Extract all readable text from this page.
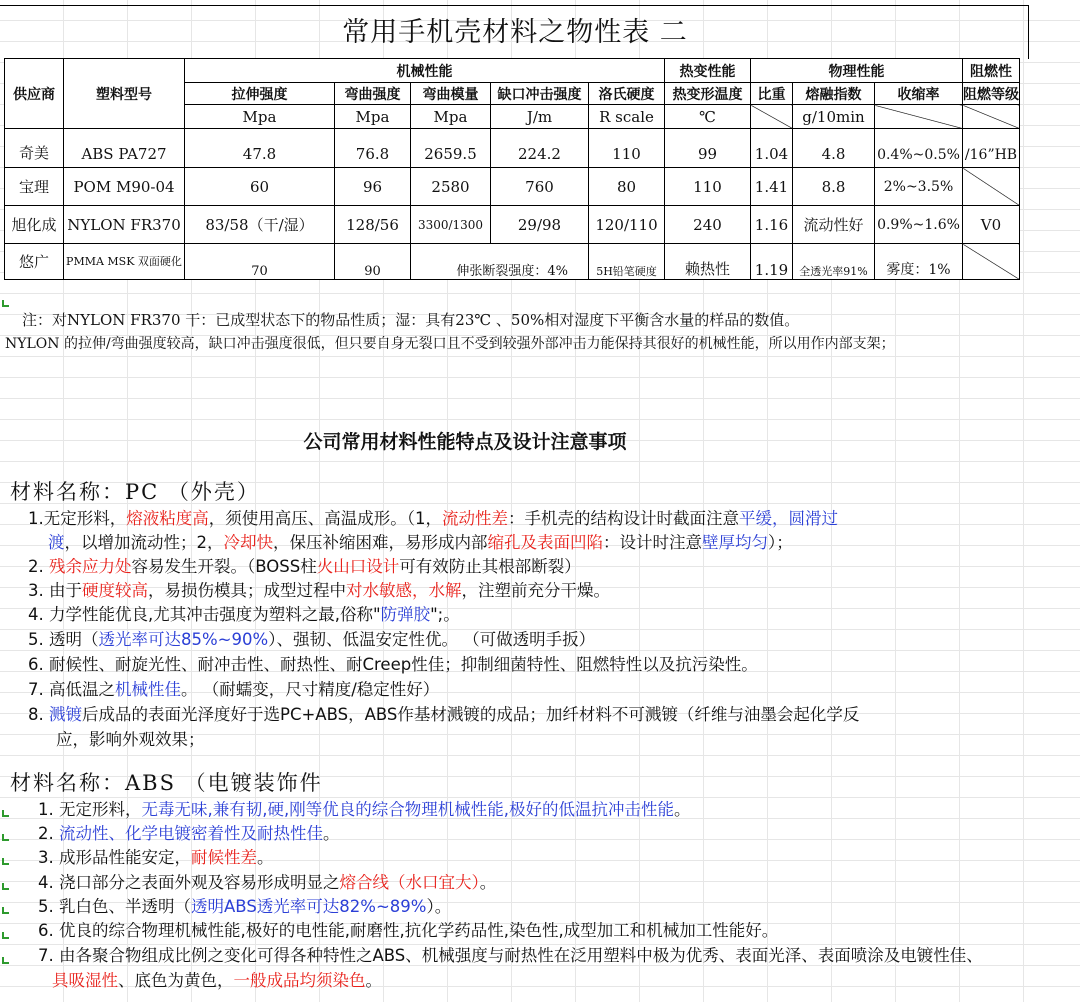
常用手机壳材料之物性表 二
供应商	塑料型号	机械性能					热变性能	物理性能			阻燃性
		拉伸强度	弯曲强度	弯曲模量	缺口冲击强度	洛氏硬度	热变形温度	比重	熔融指数	收缩率	阻燃等级
		Mpa	Mpa	Mpa	J/m	R scale	℃		g/10min		
奇美	ABS PA727	47.8	76.8	2659.5	224.2	110	99	1.04	4.8	0.4%~0.5%	/16”HB
宝理	POM M90-04	60	96	2580	760	80	110	1.41	8.8	2%~3.5%	
旭化成	NYLON FR370	83/58（干/湿）	128/56	3300/1300	29/98	120/110	240	1.16	流动性好	0.9%~1.6%	V0
悠广	PMMA MSK 双面硬化	70	90	伸张断裂强度：4%		5H铅笔硬度	赖热性	1.19	全透光率91%	雾度：1%	
注：对NYLON FR370 干：已成型状态下的物品性质；湿：具有23℃ 、50%相对湿度下平衡含水量的样品的数值。
NYLON 的拉伸/弯曲强度较高，缺口冲击强度很低，但只要自身无裂口且不受到较强外部冲击力能保持其很好的机械性能，所以用作内部支架；
公司常用材料性能特点及设计注意事项
材料名称：PC （外壳）
1.无定形料，熔液粘度高，须使用高压、高温成形。（1，流动性差：手机壳的结构设计时截面注意平缓，圆滑过
渡，以增加流动性；2，冷却快，保压补缩困难，易形成内部缩孔及表面凹陷：设计时注意壁厚均匀）；
2. 残余应力处容易发生开裂。（BOSS柱火山口设计可有效防止其根部断裂）
3. 由于硬度较高，易损伤模具；成型过程中对水敏感，水解，注塑前充分干燥。
4. 力学性能优良,尤其冲击强度为塑料之最,俗称"防弹胶";。
5. 透明（透光率可达85%~90%）、强韧、低温安定性优。 （可做透明手扳）
6. 耐候性、耐旋光性、耐冲击性、耐热性、耐Creep性佳；抑制细菌特性、阻燃特性以及抗污染性。
7. 高低温之机械性佳。 （耐蠕变，尺寸精度/稳定性好）
8. 溅镀后成品的表面光泽度好于选PC+ABS，ABS作基材溅镀的成品；加纤材料不可溅镀（纤维与油墨会起化学反
应，影响外观效果；
材料名称：ABS （电镀装饰件
1. 无定形料，无毒无味,兼有韧,硬,刚等优良的综合物理机械性能,极好的低温抗冲击性能。
2. 流动性、化学电镀密着性及耐热性佳。
3. 成形品性能安定，耐候性差。
4. 浇口部分之表面外观及容易形成明显之熔合线（水口宜大）。
5. 乳白色、半透明（透明ABS透光率可达82%~89%）。
6. 优良的综合物理机械性能,极好的电性能,耐磨性,抗化学药品性,染色性,成型加工和机械加工性能好。
7. 由各聚合物组成比例之变化可得各种特性之ABS、机械强度与耐热性在泛用塑料中极为优秀、表面光泽、表面喷涂及电镀性佳、
具吸湿性、底色为黄色，一般成品均须染色。
